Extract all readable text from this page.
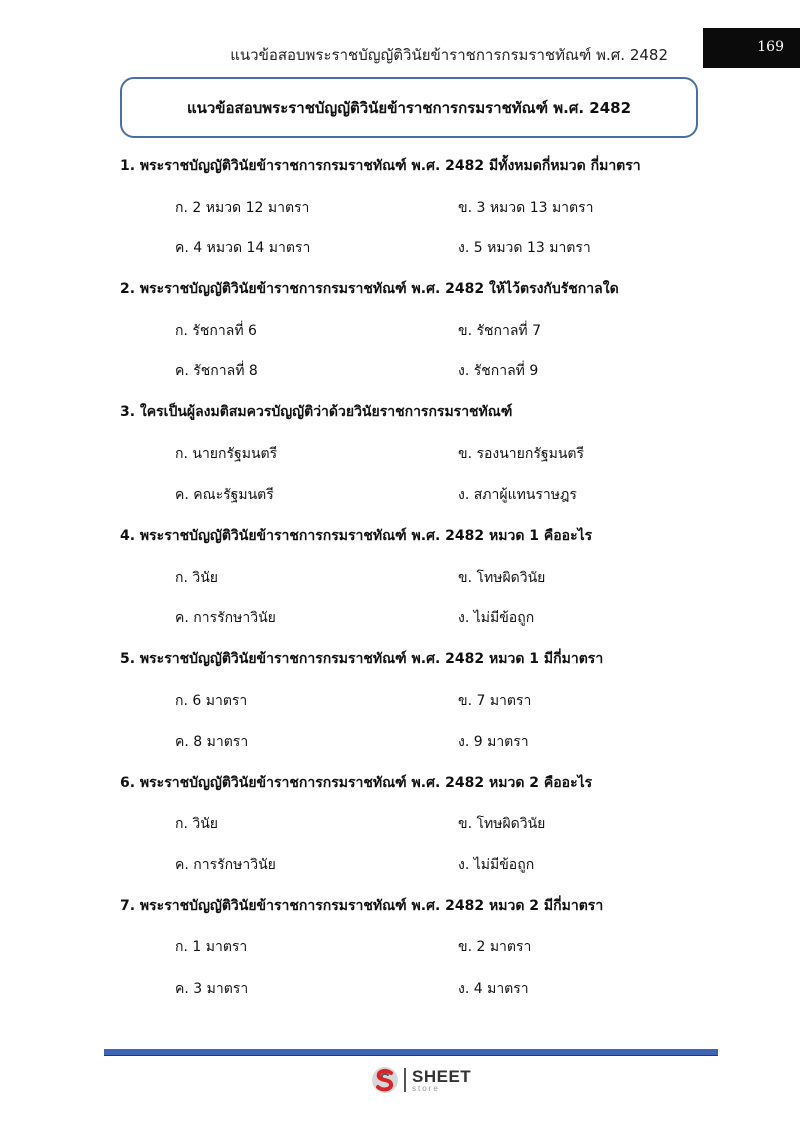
แนวข้อสอบพระราชบัญญัติวินัยข้าราชการกรมราชทัณฑ์ พ.ศ. 2482	169
แนวข้อสอบพระราชบัญญัติวินัยข้าราชการกรมราชทัณฑ์ พ.ศ. 2482
1. พระราชบัญญัติวินัยข้าราชการกรมราชทัณฑ์ พ.ศ. 2482 มีทั้งหมดกี่หมวด กี่มาตรา
ก. 2 หมวด 12 มาตรา	ข. 3 หมวด 13 มาตรา
ค. 4 หมวด 14 มาตรา	ง. 5 หมวด 13 มาตรา
2. พระราชบัญญัติวินัยข้าราชการกรมราชทัณฑ์ พ.ศ. 2482 ให้ไว้ตรงกับรัชกาลใด
ก. รัชกาลที่ 6	ข. รัชกาลที่ 7
ค. รัชกาลที่ 8	ง. รัชกาลที่ 9
3. ใครเป็นผู้ลงมติสมควรบัญญัติว่าด้วยวินัยราชการกรมราชทัณฑ์
ก. นายกรัฐมนตรี	ข. รองนายกรัฐมนตรี
ค. คณะรัฐมนตรี	ง. สภาผู้แทนราษฎร
4. พระราชบัญญัติวินัยข้าราชการกรมราชทัณฑ์ พ.ศ. 2482 หมวด 1 คืออะไร
ก. วินัย	ข. โทษผิดวินัย
ค. การรักษาวินัย	ง. ไม่มีข้อถูก
5. พระราชบัญญัติวินัยข้าราชการกรมราชทัณฑ์ พ.ศ. 2482 หมวด 1 มีกี่มาตรา
ก. 6 มาตรา	ข. 7 มาตรา
ค. 8 มาตรา	ง. 9 มาตรา
6. พระราชบัญญัติวินัยข้าราชการกรมราชทัณฑ์ พ.ศ. 2482 หมวด 2 คืออะไร
ก. วินัย	ข. โทษผิดวินัย
ค. การรักษาวินัย	ง. ไม่มีข้อถูก
7. พระราชบัญญัติวินัยข้าราชการกรมราชทัณฑ์ พ.ศ. 2482 หมวด 2 มีกี่มาตรา
ก. 1 มาตรา	ข. 2 มาตรา
ค. 3 มาตรา	ง. 4 มาตรา
SHEET
store
